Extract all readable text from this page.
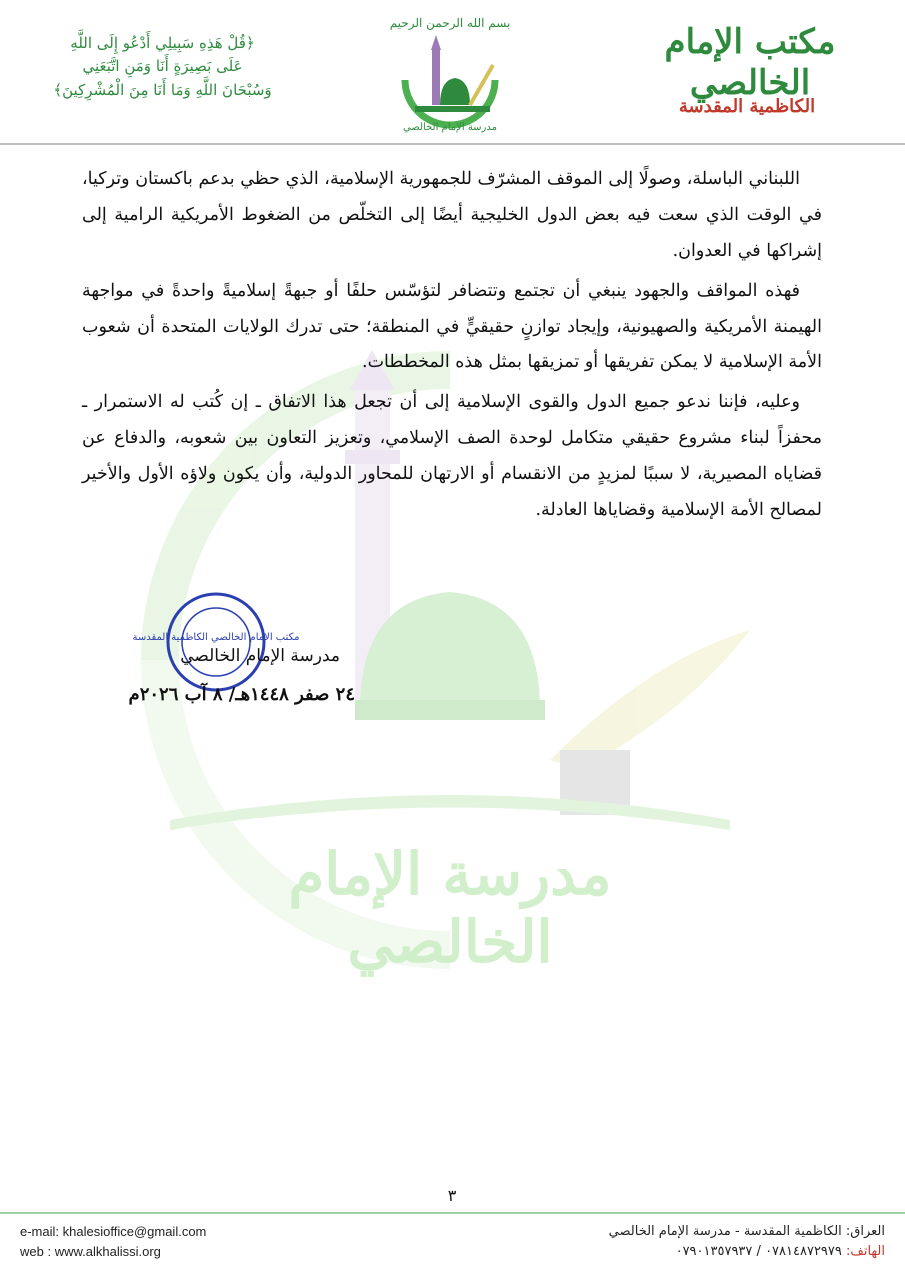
مكتب الإمام الخالصي
الكاظمية المقدسة
﴿قُلْ هَذِهِ سَبِيلِي أَدْعُو إِلَى اللَّهِ
عَلَى بَصِيرَةٍ أَنَا وَمَنِ اتَّبَعَنِي
وَسُبْحَانَ اللَّهِ وَمَا أَنَا مِنَ الْمُشْرِكِينَ﴾
بسم الله الرحمن الرحيم
مدرسة الإمام الخالصي
مدرسة الإمام الخالصي

اللبناني الباسلة، وصولًا إلى الموقف المشرّف للجمهورية الإسلامية، الذي حظي بدعم باكستان وتركيا، في الوقت الذي سعت فيه بعض الدول الخليجية أيضًا إلى التخلّص من الضغوط الأمريكية الرامية إلى إشراكها في العدوان.

فهذه المواقف والجهود ينبغي أن تجتمع وتتضافر لتؤسّس حلفًا أو جبهةً إسلاميةً واحدةً في مواجهة الهيمنة الأمريكية والصهيونية، وإيجاد توازنٍ حقيقيٍّ في المنطقة؛ حتى تدرك الولايات المتحدة أن شعوب الأمة الإسلامية لا يمكن تفريقها أو تمزيقها بمثل هذه المخططات.

وعليه، فإننا ندعو جميع الدول والقوى الإسلامية إلى أن تجعل هذا الاتفاق ـ إن كُتب له الاستمرار ـ محفزاً لبناء مشروع حقيقي متكامل لوحدة الصف الإسلامي، وتعزيز التعاون بين شعوبه، والدفاع عن قضاياه المصيرية، لا سببًا لمزيدٍ من الانقسام أو الارتهان للمحاور الدولية، وأن يكون ولاؤه الأول والأخير لمصالح الأمة الإسلامية وقضاياها العادلة.

مكتب الامام الخالصي الكاظمية المقدسة
مدرسة الإمام الخالصي
٢٤ صفر ١٤٤٨هـ/ ٨ آب ٢٠٢٦م
٣
e-mail: khalesioffice@gmail.com
web : www.alkhalissi.org
العراق: الكاظمية المقدسة - مدرسة الإمام الخالصي
الهاتف: ٠٧٨١٤٨٧٢٩٧٩ / ٠٧٩٠١٣٥٧٩٣٧
